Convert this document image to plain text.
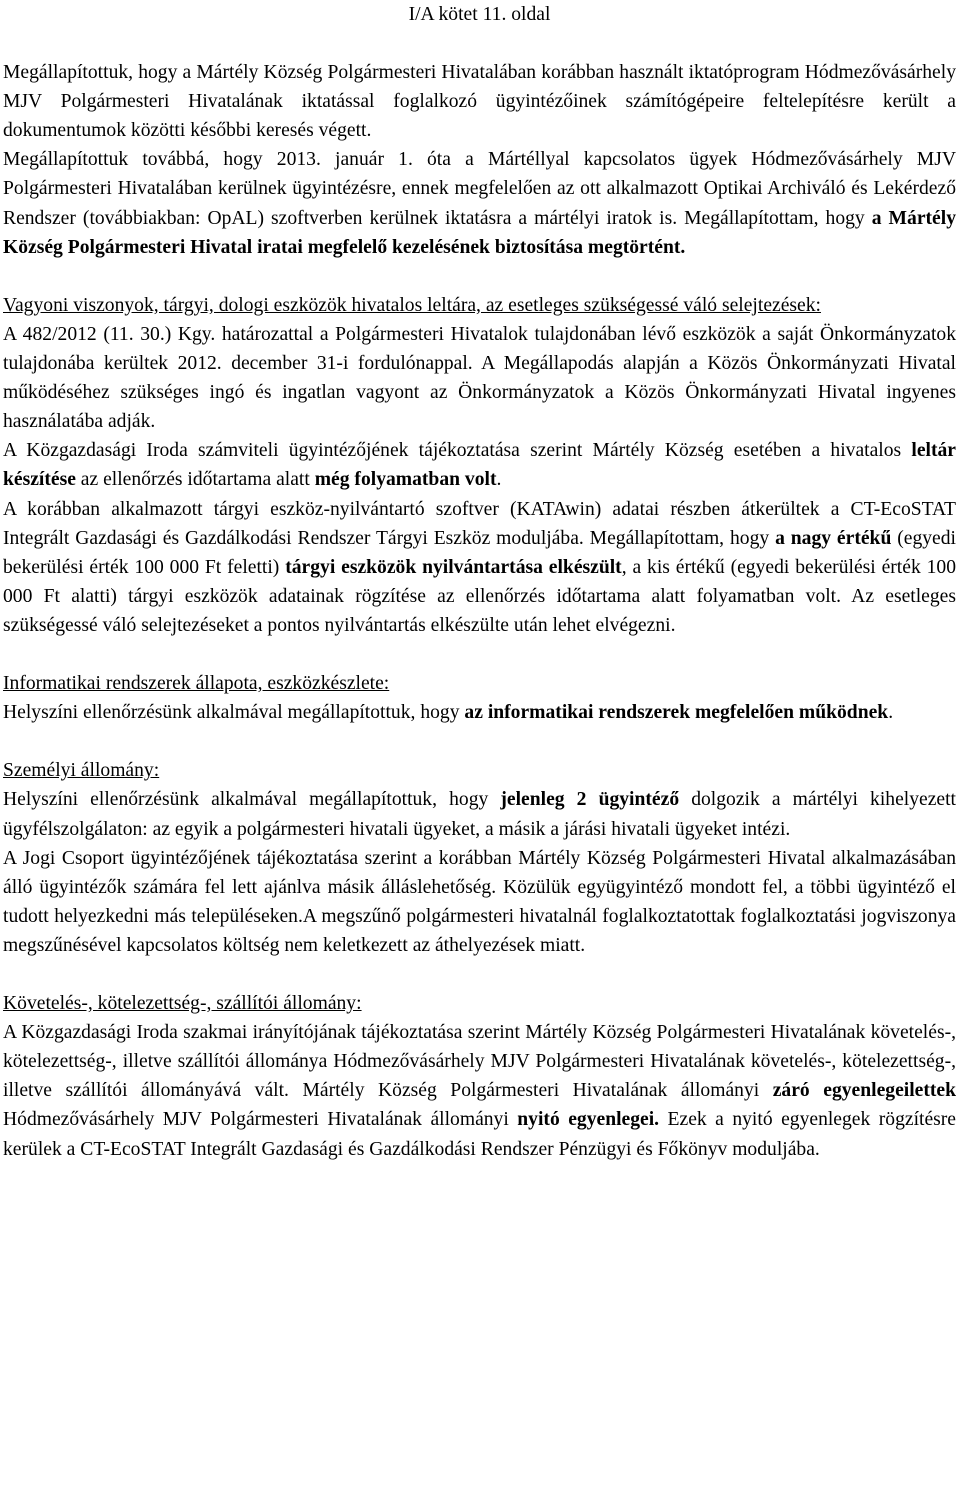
I/A kötet 11. oldal

Megállapítottuk, hogy a Mártély Község Polgármesteri Hivatalában korábban használt iktatóprogram Hódmezővásárhely MJV Polgármesteri Hivatalának iktatással foglalkozó ügyintézőinek számítógépeire feltelepítésre került a dokumentumok közötti későbbi keresés végett.

Megállapítottuk továbbá, hogy 2013. január 1. óta a Mártéllyal kapcsolatos ügyek Hódmezővásárhely MJV Polgármesteri Hivatalában kerülnek ügyintézésre, ennek megfelelően az ott alkalmazott Optikai Archiváló és Lekérdező Rendszer (továbbiakban: OpAL) szoftverben kerülnek iktatásra a mártélyi iratok is. Megállapítottam, hogy a Mártély Község Polgármesteri Hivatal iratai megfelelő kezelésének biztosítása megtörtént.

Vagyoni viszonyok, tárgyi, dologi eszközök hivatalos leltára, az esetleges szükségessé váló selejtezések:

A 482/2012 (11. 30.) Kgy. határozattal a Polgármesteri Hivatalok tulajdonában lévő eszközök a saját Önkormányzatok tulajdonába kerültek 2012. december 31-i fordulónappal. A Megállapodás alapján a Közös Önkormányzati Hivatal működéséhez szükséges ingó és ingatlan vagyont az Önkormányzatok a Közös Önkormányzati Hivatal ingyenes használatába adják.

A Közgazdasági Iroda számviteli ügyintézőjének tájékoztatása szerint Mártély Község esetében a hivatalos leltár készítése az ellenőrzés időtartama alatt még folyamatban volt.

A korábban alkalmazott tárgyi eszköz-nyilvántartó szoftver (KATAwin) adatai részben átkerültek a CT-EcoSTAT Integrált Gazdasági és Gazdálkodási Rendszer Tárgyi Eszköz moduljába. Megállapítottam, hogy a nagy értékű (egyedi bekerülési érték 100 000 Ft feletti) tárgyi eszközök nyilvántartása elkészült, a kis értékű (egyedi bekerülési érték 100 000 Ft alatti) tárgyi eszközök adatainak rögzítése az ellenőrzés időtartama alatt folyamatban volt. Az esetleges szükségessé váló selejtezéseket a pontos nyilvántartás elkészülte után lehet elvégezni.

Informatikai rendszerek állapota, eszközkészlete:

Helyszíni ellenőrzésünk alkalmával megállapítottuk, hogy az informatikai rendszerek megfelelően működnek.

Személyi állomány:

Helyszíni ellenőrzésünk alkalmával megállapítottuk, hogy jelenleg 2 ügyintéző dolgozik a mártélyi kihelyezett ügyfélszolgálaton: az egyik a polgármesteri hivatali ügyeket, a másik a járási hivatali ügyeket intézi.

A Jogi Csoport ügyintézőjének tájékoztatása szerint a korábban Mártély Község Polgármesteri Hivatal alkalmazásában álló ügyintézők számára fel lett ajánlva másik álláslehetőség. Közülük együgyintéző mondott fel, a többi ügyintéző el tudott helyezkedni más településeken.A megszűnő polgármesteri hivatalnál foglalkoztatottak foglalkoztatási jogviszonya megszűnésével kapcsolatos költség nem keletkezett az áthelyezések miatt.

Követelés-, kötelezettség-, szállítói állomány:

A Közgazdasági Iroda szakmai irányítójának tájékoztatása szerint Mártély Község Polgármesteri Hivatalának követelés-, kötelezettség-, illetve szállítói állománya Hódmezővásárhely MJV Polgármesteri Hivatalának követelés-, kötelezettség-, illetve szállítói állományává vált. Mártély Község Polgármesteri Hivatalának állományi záró egyenlegeilettek Hódmezővásárhely MJV Polgármesteri Hivatalának állományi nyitó egyenlegei. Ezek a nyitó egyenlegek rögzítésre kerülek a CT-EcoSTAT Integrált Gazdasági és Gazdálkodási Rendszer Pénzügyi és Főkönyv moduljába.
